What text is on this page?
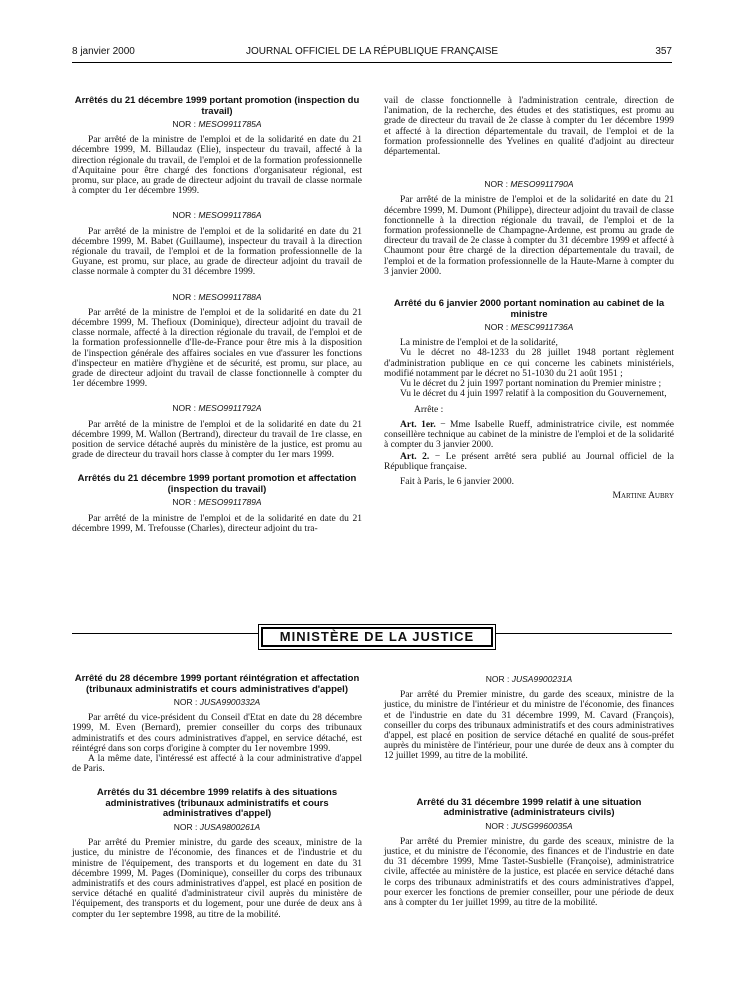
8 janvier 2000	JOURNAL OFFICIEL DE LA RÉPUBLIQUE FRANÇAISE	357
Arrêtés du 21 décembre 1999 portant promotion (inspection du travail)
NOR : MESO9911785A

Par arrêté de la ministre de l'emploi et de la solidarité en date du 21 décembre 1999, M. Billaudaz (Elie), inspecteur du travail, affecté à la direction régionale du travail, de l'emploi et de la formation professionnelle d'Aquitaine pour être chargé des fonctions d'organisateur régional, est promu, sur place, au grade de directeur adjoint du travail de classe normale à compter du 1er décembre 1999.

NOR : MESO9911786A

Par arrêté de la ministre de l'emploi et de la solidarité en date du 21 décembre 1999, M. Babet (Guillaume), inspecteur du travail à la direction régionale du travail, de l'emploi et de la formation professionnelle de la Guyane, est promu, sur place, au grade de directeur adjoint du travail de classe normale à compter du 31 décembre 1999.

NOR : MESO9911788A

Par arrêté de la ministre de l'emploi et de la solidarité en date du 21 décembre 1999, M. Thefioux (Dominique), directeur adjoint du travail de classe normale, affecté à la direction régionale du travail, de l'emploi et de la formation professionnelle d'Ile-de-France pour être mis à la disposition de l'inspection générale des affaires sociales en vue d'assurer les fonctions d'inspecteur en matière d'hygiène et de sécurité, est promu, sur place, au grade de directeur adjoint du travail de classe fonctionnelle à compter du 1er décembre 1999.

NOR : MESO9911792A

Par arrêté de la ministre de l'emploi et de la solidarité en date du 21 décembre 1999, M. Wallon (Bertrand), directeur du travail de 1re classe, en position de service détaché auprès du ministère de la justice, est promu au grade de directeur du travail hors classe à compter du 1er mars 1999.

Arrêtés du 21 décembre 1999 portant promotion et affectation (inspection du travail)
NOR : MESO9911789A

Par arrêté de la ministre de l'emploi et de la solidarité en date du 21 décembre 1999, M. Trefousse (Charles), directeur adjoint du tra-

vail de classe fonctionnelle à l'administration centrale, direction de l'animation, de la recherche, des études et des statistiques, est promu au grade de directeur du travail de 2e classe à compter du 1er décembre 1999 et affecté à la direction départementale du travail, de l'emploi et de la formation professionnelle des Yvelines en qualité d'adjoint au directeur départemental.

NOR : MESO9911790A

Par arrêté de la ministre de l'emploi et de la solidarité en date du 21 décembre 1999, M. Dumont (Philippe), directeur adjoint du travail de classe fonctionnelle à la direction régionale du travail, de l'emploi et de la formation professionnelle de Champagne-Ardenne, est promu au grade de directeur du travail de 2e classe à compter du 31 décembre 1999 et affecté à Chaumont pour être chargé de la direction départementale du travail, de l'emploi et de la formation professionnelle de la Haute-Marne à compter du 3 janvier 2000.

Arrêté du 6 janvier 2000 portant nomination au cabinet de la ministre
NOR : MESC9911736A

La ministre de l'emploi et de la solidarité,

Vu le décret no 48-1233 du 28 juillet 1948 portant règlement d'administration publique en ce qui concerne les cabinets ministériels, modifié notamment par le décret no 51-1030 du 21 août 1951 ;

Vu le décret du 2 juin 1997 portant nomination du Premier ministre ;

Vu le décret du 4 juin 1997 relatif à la composition du Gouvernement,

Arrête :

Art. 1er. − Mme Isabelle Rueff, administratrice civile, est nommée conseillère technique au cabinet de la ministre de l'emploi et de la solidarité à compter du 3 janvier 2000.

Art. 2. − Le présent arrêté sera publié au Journal officiel de la République française.

Fait à Paris, le 6 janvier 2000.

Martine Aubry
MINISTÈRE DE LA JUSTICE
Arrêté du 28 décembre 1999 portant réintégration et affectation (tribunaux administratifs et cours administratives d'appel)
NOR : JUSA9900332A

Par arrêté du vice-président du Conseil d'Etat en date du 28 décembre 1999, M. Even (Bernard), premier conseiller du corps des tribunaux administratifs et des cours administratives d'appel, en service détaché, est réintégré dans son corps d'origine à compter du 1er novembre 1999.

A la même date, l'intéressé est affecté à la cour administrative d'appel de Paris.

Arrêtés du 31 décembre 1999 relatifs à des situations administratives (tribunaux administratifs et cours administratives d'appel)
NOR : JUSA9800261A

Par arrêté du Premier ministre, du garde des sceaux, ministre de la justice, du ministre de l'économie, des finances et de l'industrie et du ministre de l'équipement, des transports et du logement en date du 31 décembre 1999, M. Pages (Dominique), conseiller du corps des tribunaux administratifs et des cours administratives d'appel, est placé en position de service détaché en qualité d'administrateur civil auprès du ministère de l'équipement, des transports et du logement, pour une durée de deux ans à compter du 1er septembre 1998, au titre de la mobilité.

NOR : JUSA9900231A

Par arrêté du Premier ministre, du garde des sceaux, ministre de la justice, du ministre de l'intérieur et du ministre de l'économie, des finances et de l'industrie en date du 31 décembre 1999, M. Cavard (François), conseiller du corps des tribunaux administratifs et des cours administratives d'appel, est placé en position de service détaché en qualité de sous-préfet auprès du ministère de l'intérieur, pour une durée de deux ans à compter du 12 juillet 1999, au titre de la mobilité.

Arrêté du 31 décembre 1999 relatif à une situation administrative (administrateurs civils)
NOR : JUSG9960035A

Par arrêté du Premier ministre, du garde des sceaux, ministre de la justice, et du ministre de l'économie, des finances et de l'industrie en date du 31 décembre 1999, Mme Tastet-Susbielle (Françoise), administratrice civile, affectée au ministère de la justice, est placée en service détaché dans le corps des tribunaux administratifs et des cours administratives d'appel, pour exercer les fonctions de premier conseiller, pour une période de deux ans à compter du 1er juillet 1999, au titre de la mobilité.
